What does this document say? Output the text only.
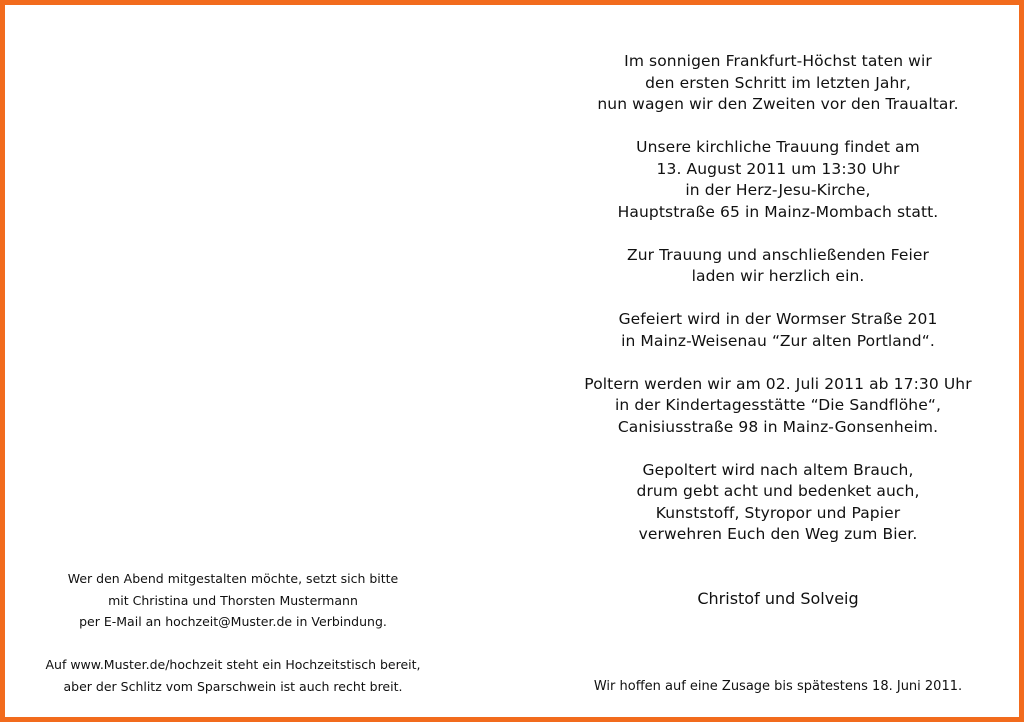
Im sonnigen Frankfurt-Höchst taten wir
den ersten Schritt im letzten Jahr,
nun wagen wir den Zweiten vor den Traualtar.
Unsere kirchliche Trauung findet am
13. August 2011 um 13:30 Uhr
in der Herz-Jesu-Kirche,
Hauptstraße 65 in Mainz-Mombach statt.
Zur Trauung und anschließenden Feier
laden wir herzlich ein.
Gefeiert wird in der Wormser Straße 201
in Mainz-Weisenau “Zur alten Portland“.
Poltern werden wir am 02. Juli 2011 ab 17:30 Uhr
in der Kindertagesstätte “Die Sandflöhe“,
Canisiusstraße 98 in Mainz-Gonsenheim.
Gepoltert wird nach altem Brauch,
drum gebt acht und bedenket auch,
Kunststoff, Styropor und Papier
verwehren Euch den Weg zum Bier.
Christof und Solveig
Wir hoffen auf eine Zusage bis spätestens 18. Juni 2011.
Wer den Abend mitgestalten möchte, setzt sich bitte
mit Christina und Thorsten Mustermann
per E-Mail an hochzeit@Muster.de in Verbindung.
Auf www.Muster.de/hochzeit steht ein Hochzeitstisch bereit,
aber der Schlitz vom Sparschwein ist auch recht breit.
